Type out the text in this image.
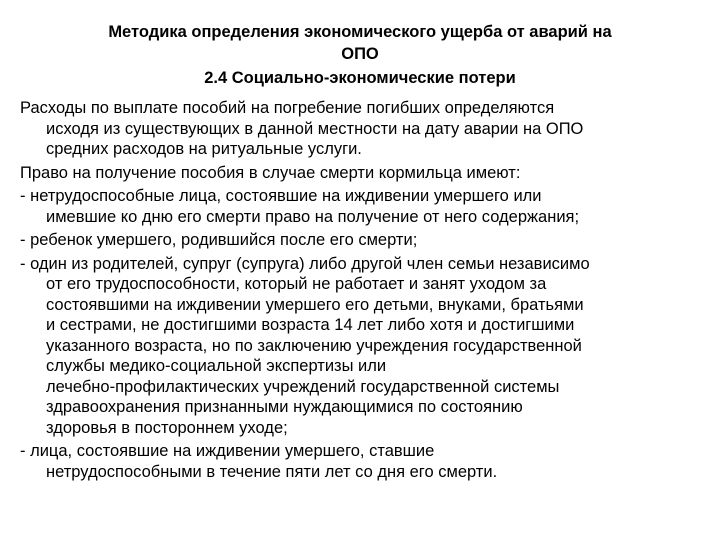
Методика определения экономического ущерба от аварий на
ОПО
2.4 Социально-экономические потери
Расходы по выплате пособий на погребение погибших определяются
исходя из существующих в данной местности на дату аварии на ОПО
средних расходов на ритуальные услуги.
Право на получение пособия в случае смерти кормильца имеют:
- нетрудоспособные лица, состоявшие на иждивении умершего или
имевшие ко дню его смерти право на получение от него содержания;
- ребенок умершего, родившийся после его смерти;
- один из родителей, супруг (супруга) либо другой член семьи независимо
от его трудоспособности, который не работает и занят уходом за
состоявшими на иждивении умершего его детьми, внуками, братьями
и сестрами, не достигшими возраста 14 лет либо хотя и достигшими
указанного возраста, но по заключению учреждения государственной
службы медико-социальной экспертизы или
лечебно-профилактических учреждений государственной системы
здравоохранения признанными нуждающимися по состоянию
здоровья в постороннем уходе;
- лица, состоявшие на иждивении умершего, ставшие
нетрудоспособными в течение пяти лет со дня его смерти.
